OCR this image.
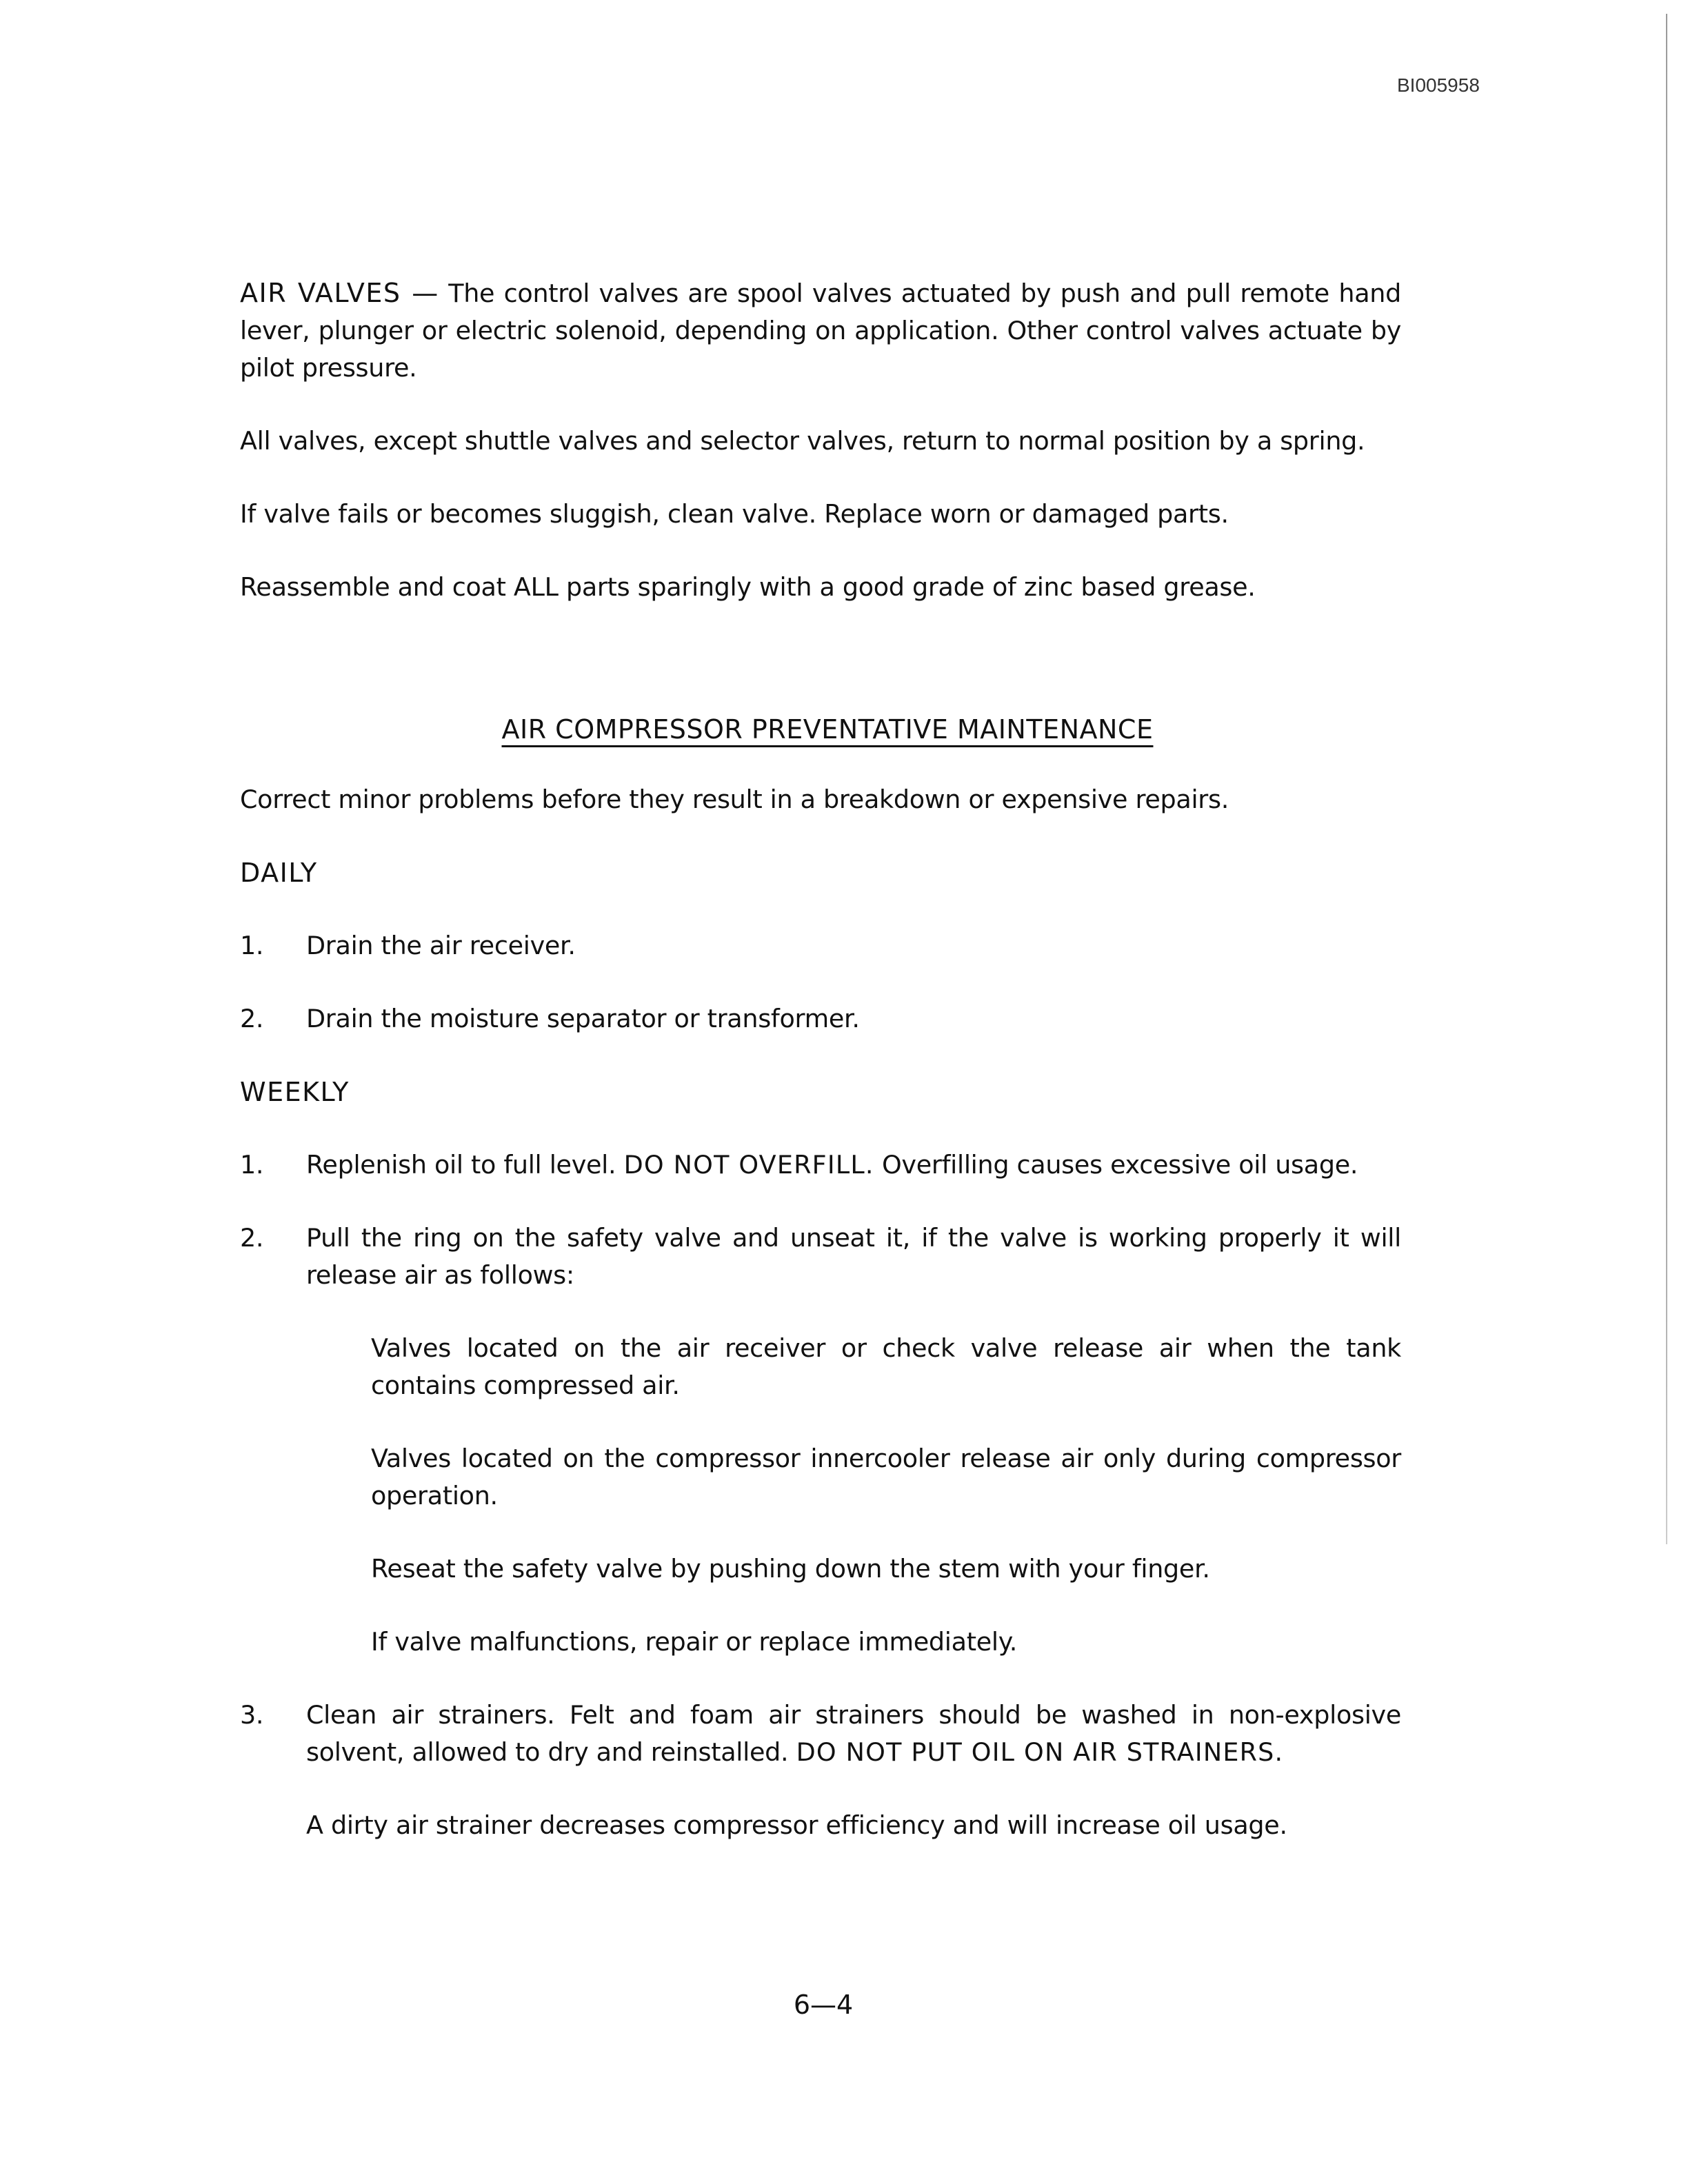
BI005958

AIR VALVES — The control valves are spool valves actuated by push and pull remote hand lever, plunger or electric solenoid, depending on application. Other control valves actuate by pilot pressure.

All valves, except shuttle valves and selector valves, return to normal position by a spring.

If valve fails or becomes sluggish, clean valve. Replace worn or damaged parts.

Reassemble and coat ALL parts sparingly with a good grade of zinc based grease.

AIR COMPRESSOR PREVENTATIVE MAINTENANCE

Correct minor problems before they result in a breakdown or expensive repairs.

DAILY
1. Drain the air receiver.
2. Drain the moisture separator or transformer.
WEEKLY
1. Replenish oil to full level. DO NOT OVERFILL. Overfilling causes excessive oil usage.
2. Pull the ring on the safety valve and unseat it, if the valve is working properly it will release air as follows:

Valves located on the air receiver or check valve release air when the tank contains compressed air.

Valves located on the compressor innercooler release air only during compressor operation.

Reseat the safety valve by pushing down the stem with your finger.

If valve malfunctions, repair or replace immediately.

3. Clean air strainers. Felt and foam air strainers should be washed in non-explosive solvent, allowed to dry and reinstalled. DO NOT PUT OIL ON AIR STRAINERS.

A dirty air strainer decreases compressor efficiency and will increase oil usage.

6—4
